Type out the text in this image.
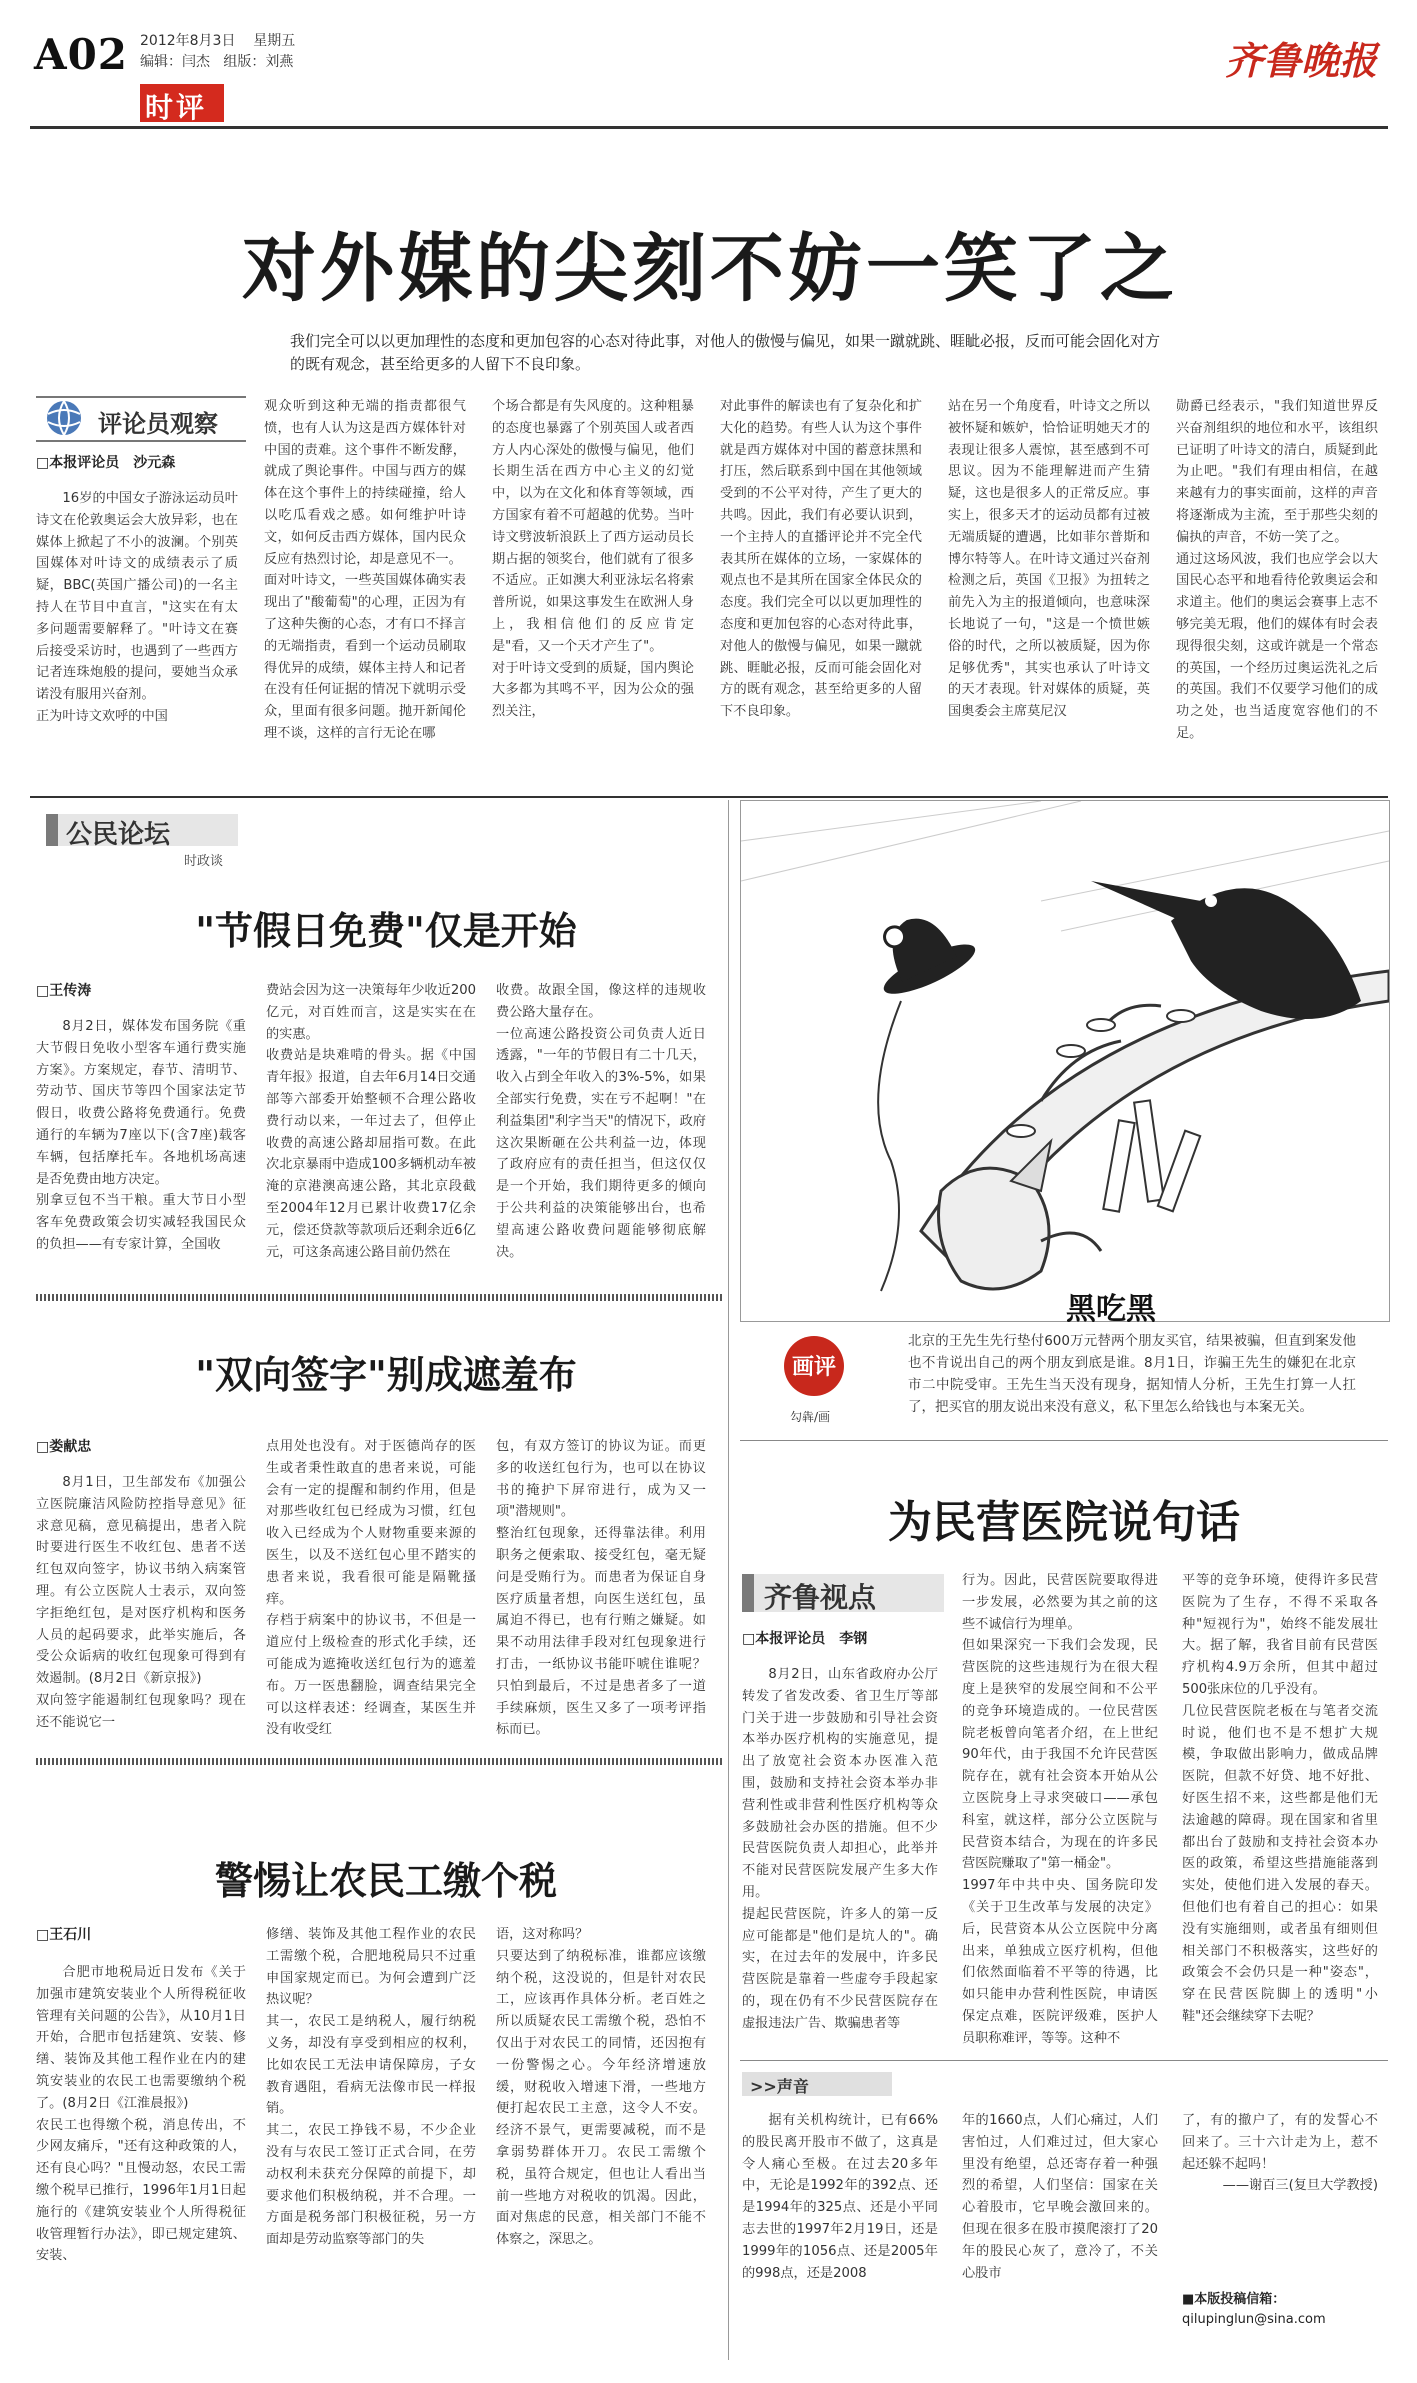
A02 2012年8月3日 星期五
编辑：闫杰 组版：刘燕
时评
齐鲁晚报
对外媒的尖刻不妨一笑了之
我们完全可以以更加理性的态度和更加包容的心态对待此事，对他人的傲慢与偏见，如果一蹴就跳、睚眦必报，反而可能会固化对方的既有观念，甚至给更多的人留下不良印象。
评论员观察
□本报评论员　沙元森
16岁的中国女子游泳运动员叶诗文在伦敦奥运会大放异彩，也在媒体上掀起了不小的波澜。个别英国媒体对叶诗文的成绩表示了质疑，BBC(英国广播公司)的一名主持人在节目中直言，"这实在有太多问题需要解释了。"叶诗文在赛后接受采访时，也遇到了一些西方记者连珠炮般的提问，要她当众承诺没有服用兴奋剂。
正为叶诗文欢呼的中国
观众听到这种无端的指责都很气愤，也有人认为这是西方媒体针对中国的责难。这个事件不断发酵，就成了舆论事件。中国与西方的媒体在这个事件上的持续碰撞，给人以吃瓜看戏之感。如何维护叶诗文，如何反击西方媒体，国内民众反应有热烈讨论，却是意见不一。
面对叶诗文，一些英国媒体确实表现出了"酸葡萄"的心理，正因为有了这种失衡的心态，才有口不择言的无端指责，看到一个运动员刷取得优异的成绩，媒体主持人和记者在没有任何证据的情况下就明示受众，里面有很多问题。抛开新闻伦理不谈，这样的言行无论在哪
个场合都是有失风度的。这种粗暴的态度也暴露了个别英国人或者西方人内心深处的傲慢与偏见，他们长期生活在西方中心主义的幻觉中，以为在文化和体育等领域，西方国家有着不可超越的优势。当叶诗文劈波斩浪跃上了西方运动员长期占据的领奖台，他们就有了很多不适应。正如澳大利亚泳坛名将索普所说，如果这事发生在欧洲人身上，我相信他们的反应肯定是"看，又一个天才产生了"。
对于叶诗文受到的质疑，国内舆论大多都为其鸣不平，因为公众的强烈关注，
对此事件的解读也有了复杂化和扩大化的趋势。有些人认为这个事件就是西方媒体对中国的蓄意抹黑和打压，然后联系到中国在其他领域受到的不公平对待，产生了更大的共鸣。因此，我们有必要认识到，一个主持人的直播评论并不完全代表其所在媒体的立场，一家媒体的观点也不是其所在国家全体民众的态度。我们完全可以以更加理性的态度和更加包容的心态对待此事，对他人的傲慢与偏见，如果一蹴就跳、睚眦必报，反而可能会固化对方的既有观念，甚至给更多的人留下不良印象。
站在另一个角度看，叶诗文之所以被怀疑和嫉妒，恰恰证明她天才的表现让很多人震惊，甚至感到不可思议。因为不能理解进而产生猜疑，这也是很多人的正常反应。事实上，很多天才的运动员都有过被无端质疑的遭遇，比如菲尔普斯和博尔特等人。在叶诗文通过兴奋剂检测之后，英国《卫报》为扭转之前先入为主的报道倾向，也意味深长地说了一句，"这是一个愤世嫉俗的时代，之所以被质疑，因为你足够优秀"，其实也承认了叶诗文的天才表现。针对媒体的质疑，英国奥委会主席莫尼汉
勋爵已经表示，"我们知道世界反兴奋剂组织的地位和水平，该组织已证明了叶诗文的清白，质疑到此为止吧。"我们有理由相信，在越来越有力的事实面前，这样的声音将逐渐成为主流，至于那些尖刻的偏执的声音，不妨一笑了之。
通过这场风波，我们也应学会以大国民心态平和地看待伦敦奥运会和求道主。他们的奥运会赛事上志不够完美无瑕，他们的媒体有时会表现得很尖刻，这或许就是一个常态的英国，一个经历过奥运洗礼之后的英国。我们不仅要学习他们的成功之处，也当适度宽容他们的不足。
公民论坛
时政谈
"节假日免费"仅是开始
□王传涛
8月2日，媒体发布国务院《重大节假日免收小型客车通行费实施方案》。方案规定，春节、清明节、劳动节、国庆节等四个国家法定节假日，收费公路将免费通行。免费通行的车辆为7座以下(含7座)载客车辆，包括摩托车。各地机场高速是否免费由地方决定。
别拿豆包不当干粮。重大节日小型客车免费政策会切实减轻我国民众的负担——有专家计算，全国收
费站会因为这一决策每年少收近200亿元，对百姓而言，这是实实在在的实惠。
收费站是块难啃的骨头。据《中国青年报》报道，自去年6月14日交通部等六部委开始整顿不合理公路收费行动以来，一年过去了，但停止收费的高速公路却屈指可数。在此次北京暴雨中造成100多辆机动车被淹的京港澳高速公路，其北京段截至2004年12月已累计收费17亿余元，偿还贷款等款项后还剩余近6亿元，可这条高速公路目前仍然在
收费。故跟全国，像这样的违规收费公路大量存在。
一位高速公路投资公司负责人近日透露，"一年的节假日有二十几天，收入占到全年收入的3%-5%，如果全部实行免费，实在亏不起啊！"在利益集团"利字当天"的情况下，政府这次果断砸在公共利益一边，体现了政府应有的责任担当，但这仅仅是一个开始，我们期待更多的倾向于公共利益的决策能够出台，也希望高速公路收费问题能够彻底解决。
"双向签字"别成遮羞布
□娄献忠
8月1日，卫生部发布《加强公立医院廉洁风险防控指导意见》征求意见稿，意见稿提出，患者入院时要进行医生不收红包、患者不送红包双向签字，协议书纳入病案管理。有公立医院人士表示，双向签字拒绝红包，是对医疗机构和医务人员的起码要求，此举实施后，各受公众诟病的收红包现象可得到有效遏制。(8月2日《新京报》)
双向签字能遏制红包现象吗？现在还不能说它一
点用处也没有。对于医德尚存的医生或者秉性敢直的患者来说，可能会有一定的提醒和制约作用，但是对那些收红包已经成为习惯，红包收入已经成为个人财物重要来源的医生，以及不送红包心里不踏实的患者来说，我看很可能是隔靴搔痒。
存档于病案中的协议书，不但是一道应付上级检查的形式化手续，还可能成为遮掩收送红包行为的遮羞布。万一医患翻脸，调查结果完全可以这样表述：经调查，某医生并没有收受红
包，有双方签订的协议为证。而更多的收送红包行为，也可以在协议书的掩护下屏帘进行，成为又一项"潜规则"。
整治红包现象，还得靠法律。利用职务之便索取、接受红包，毫无疑问是受贿行为。而患者为保证自身医疗质量者想，向医生送红包，虽属迫不得已，也有行贿之嫌疑。如果不动用法律手段对红包现象进行打击，一纸协议书能吓唬住谁呢？只怕到最后，不过是患者多了一道手续麻烦，医生又多了一项考评指标而已。
警惕让农民工缴个税
□王石川
合肥市地税局近日发布《关于加强市建筑安装业个人所得税征收管理有关问题的公告》，从10月1日开始，合肥市包括建筑、安装、修缮、装饰及其他工程作业在内的建筑安装业的农民工也需要缴纳个税了。(8月2日《江淮晨报》)
农民工也得缴个税，消息传出，不少网友痛斥，"还有这种政策的人，还有良心吗？"且慢动怒，农民工需缴个税早已推行，1996年1月1日起施行的《建筑安装业个人所得税征收管理暂行办法》，即已规定建筑、安装、
修缮、装饰及其他工程作业的农民工需缴个税，合肥地税局只不过重申国家规定而已。为何会遭到广泛热议呢？
其一，农民工是纳税人，履行纳税义务，却没有享受到相应的权利，比如农民工无法申请保障房，子女教育遇阻，看病无法像市民一样报销。
其二，农民工挣钱不易，不少企业没有与农民工签订正式合同，在劳动权利未获充分保障的前提下，却要求他们积极纳税，并不合理。一方面是税务部门积极征税，另一方面却是劳动监察等部门的失
语，这对称吗？
只要达到了纳税标准，谁都应该缴纳个税，这没说的，但是针对农民工，应该再作具体分析。老百姓之所以质疑农民工需缴个税，恐怕不仅出于对农民工的同情，还因抱有一份警惕之心。今年经济增速放缓，财税收入增速下滑，一些地方便打起农民工主意，这令人不安。经济不景气，更需要减税，而不是拿弱势群体开刀。农民工需缴个税，虽符合规定，但也让人看出当前一些地方对税收的饥渴。因此，面对焦虑的民意，相关部门不能不体察之，深思之。
画评
勾犇/画
黑吃黑
北京的王先生先行垫付600万元替两个朋友买官，结果被骗，但直到案发他也不肯说出自己的两个朋友到底是谁。8月1日，诈骗王先生的嫌犯在北京市二中院受审。王先生当天没有现身，据知情人分析，王先生打算一人扛了，把买官的朋友说出来没有意义，私下里怎么给钱也与本案无关。
为民营医院说句话
齐鲁视点
□本报评论员　李钢
8月2日，山东省政府办公厅转发了省发改委、省卫生厅等部门关于进一步鼓励和引导社会资本举办医疗机构的实施意见，提出了放宽社会资本办医准入范围，鼓励和支持社会资本举办非营利性或非营利性医疗机构等众多鼓励社会办医的措施。但不少民营医院负责人却担心，此举并不能对民营医院发展产生多大作用。
提起民营医院，许多人的第一反应可能都是"他们是坑人的"。确实，在过去年的发展中，许多民营医院是靠着一些虚夸手段起家的，现在仍有不少民营医院存在虚报违法广告、欺骗患者等
行为。因此，民营医院要取得进一步发展，必然要为其之前的这些不诚信行为埋单。
但如果深究一下我们会发现，民营医院的这些违规行为在很大程度上是狭窄的发展空间和不公平的竞争环境造成的。一位民营医院老板曾向笔者介绍，在上世纪90年代，由于我国不允许民营医院存在，就有社会资本开始从公立医院身上寻求突破口——承包科室，就这样，部分公立医院与民营资本结合，为现在的许多民营医院赚取了"第一桶金"。
1997年中共中央、国务院印发《关于卫生改革与发展的决定》后，民营资本从公立医院中分离出来，单独成立医疗机构，但他们依然面临着不平等的待遇，比如只能申办营利性医院，申请医保定点难，医院评级难，医护人员职称难评，等等。这种不
平等的竞争环境，使得许多民营医院为了生存，不得不采取各种"短视行为"，始终不能发展壮大。据了解，我省目前有民营医疗机构4.9万余所，但其中超过500张床位的几乎没有。
几位民营医院老板在与笔者交流时说，他们也不是不想扩大规模，争取做出影响力，做成品牌医院，但款不好贷、地不好批、好医生招不来，这些都是他们无法逾越的障碍。现在国家和省里都出台了鼓励和支持社会资本办医的政策，希望这些措施能落到实处，使他们进入发展的春天。但他们也有着自己的担心：如果没有实施细则，或者虽有细则但相关部门不积极落实，这些好的政策会不会仍只是一种"姿态"，穿在民营医院脚上的透明"小鞋"还会继续穿下去呢？
>>声音
据有关机构统计，已有66%的股民离开股市不做了，这真是令人痛心至极。在过去20多年中，无论是1992年的392点、还是1994年的325点、还是小平同志去世的1997年2月19日，还是1999年的1056点、还是2005年的998点，还是2008
年的1660点，人们心痛过，人们害怕过，人们难过过，但大家心里没有绝望，总还寄存着一种强烈的希望，人们坚信：国家在关心着股市，它早晚会激回来的。但现在很多在股市摸爬滚打了20年的股民心灰了，意冷了，不关心股市
了，有的撤户了，有的发誓心不回来了。三十六计走为上，惹不起还躲不起吗！
——谢百三(复旦大学教授)
■本版投稿信箱：
qilupinglun@sina.com
